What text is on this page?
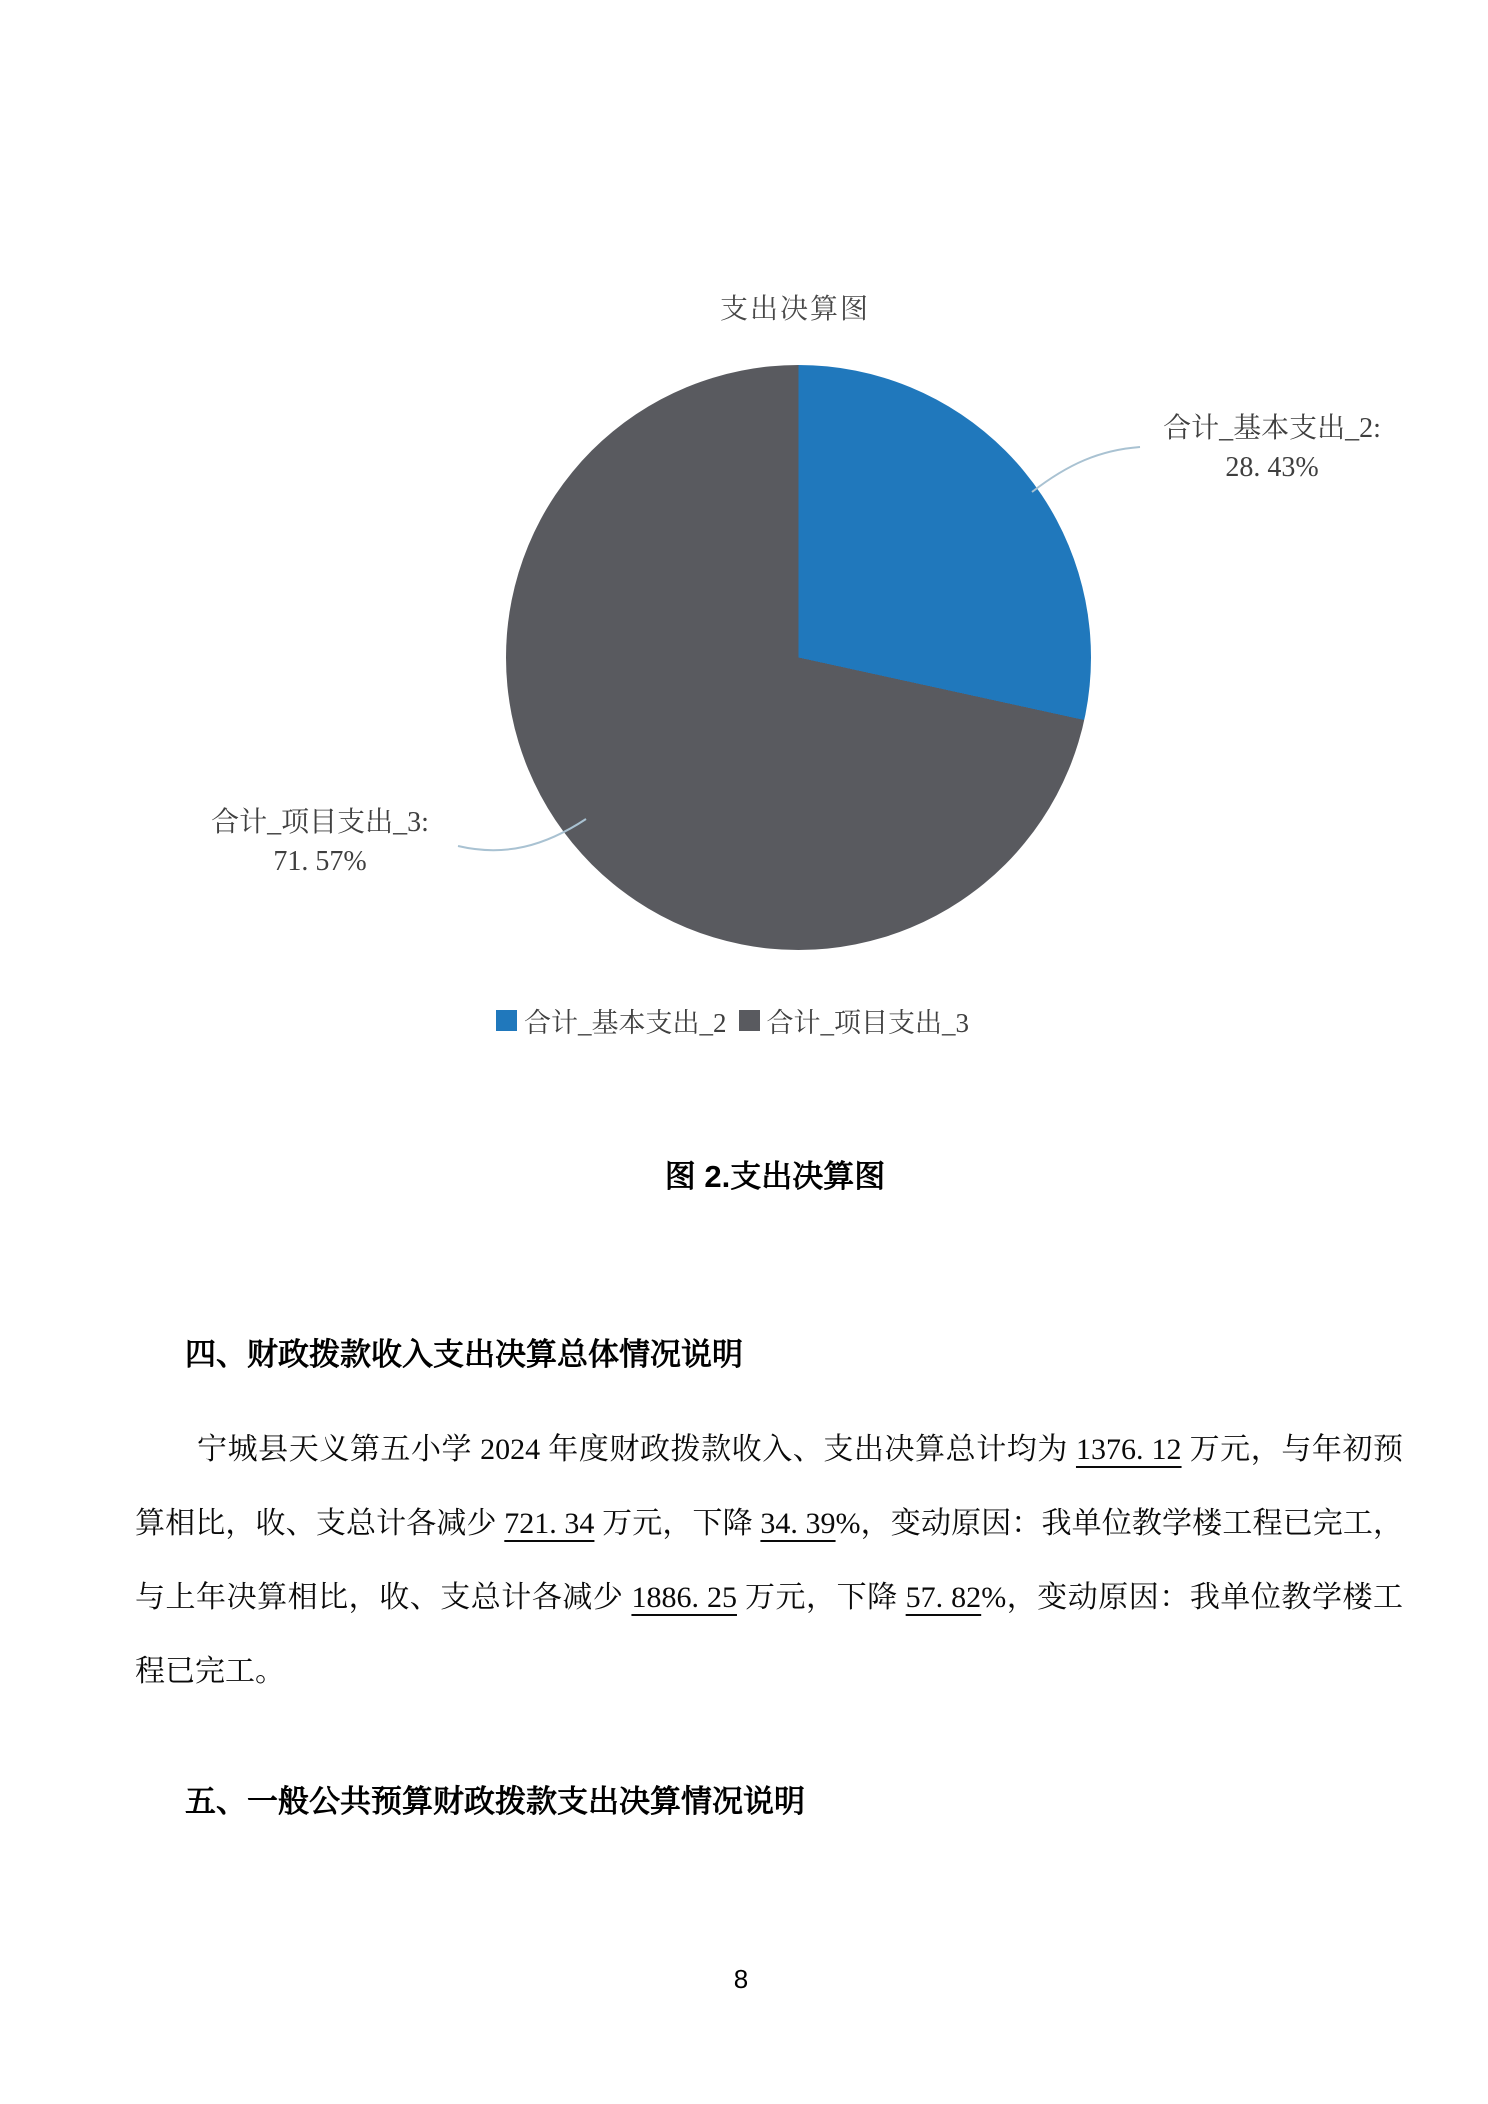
支出决算图
合计_基本支出_2:
28. 43%
合计_项目支出_3:
71. 57%
合计_基本支出_2 合计_项目支出_3
图 2.支出决算图
四、财政拨款收入支出决算总体情况说明
宁城县天义第五小学 2024 年度财政拨款收入、支出决算总计均为 1376. 12 万元，与年初预算相比，收、支总计各减少 721. 34 万元，下降 34. 39%，变动原因：我单位教学楼工程已完工，与上年决算相比，收、支总计各减少 1886. 25 万元，下降 57. 82%，变动原因：我单位教学楼工程已完工。
五、一般公共预算财政拨款支出决算情况说明
8
